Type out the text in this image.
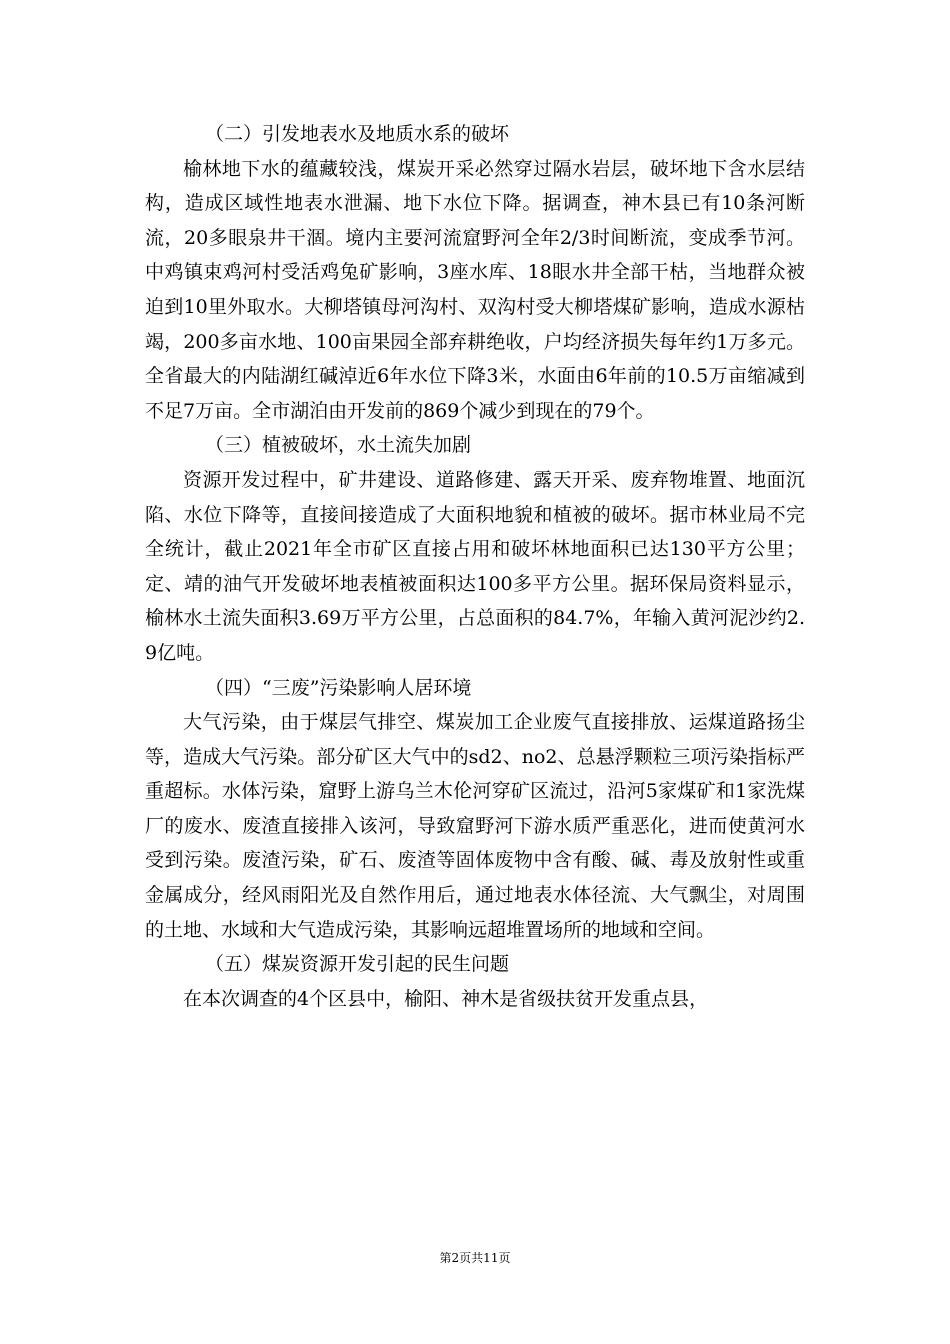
（二）引发地表水及地质水系的破坏

榆林地下水的蕴藏较浅，煤炭开采必然穿过隔水岩层，破坏地下含水层结构，造成区域性地表水泄漏、地下水位下降。据调查，神木县已有10条河断流，20多眼泉井干涸。境内主要河流窟野河全年2/3时间断流，变成季节河。中鸡镇束鸡河村受活鸡兔矿影响，3座水库、18眼水井全部干枯，当地群众被迫到10里外取水。大柳塔镇母河沟村、双沟村受大柳塔煤矿影响，造成水源枯竭，200多亩水地、100亩果园全部弃耕绝收，户均经济损失每年约1万多元。全省最大的内陆湖红碱淖近6年水位下降3米，水面由6年前的10.5万亩缩减到不足7万亩。全市湖泊由开发前的869个减少到现在的79个。

（三）植被破坏，水土流失加剧

资源开发过程中，矿井建设、道路修建、露天开采、废弃物堆置、地面沉陷、水位下降等，直接间接造成了大面积地貌和植被的破坏。据市林业局不完全统计，截止2021年全市矿区直接占用和破坏林地面积已达130平方公里；定、靖的油气开发破坏地表植被面积达100多平方公里。据环保局资料显示，榆林水土流失面积3.69万平方公里，占总面积的84.7%，年输入黄河泥沙约2.9亿吨。

（四）“三废”污染影响人居环境

大气污染，由于煤层气排空、煤炭加工企业废气直接排放、运煤道路扬尘等，造成大气污染。部分矿区大气中的sd2、no2、总悬浮颗粒三项污染指标严重超标。水体污染，窟野上游乌兰木伦河穿矿区流过，沿河5家煤矿和1家洗煤厂的废水、废渣直接排入该河，导致窟野河下游水质严重恶化，进而使黄河水受到污染。废渣污染，矿石、废渣等固体废物中含有酸、碱、毒及放射性或重金属成分，经风雨阳光及自然作用后，通过地表水体径流、大气飘尘，对周围的土地、水域和大气造成污染，其影响远超堆置场所的地域和空间。

（五）煤炭资源开发引起的民生问题

在本次调查的4个区县中，榆阳、神木是省级扶贫开发重点县，

第2页共11页
